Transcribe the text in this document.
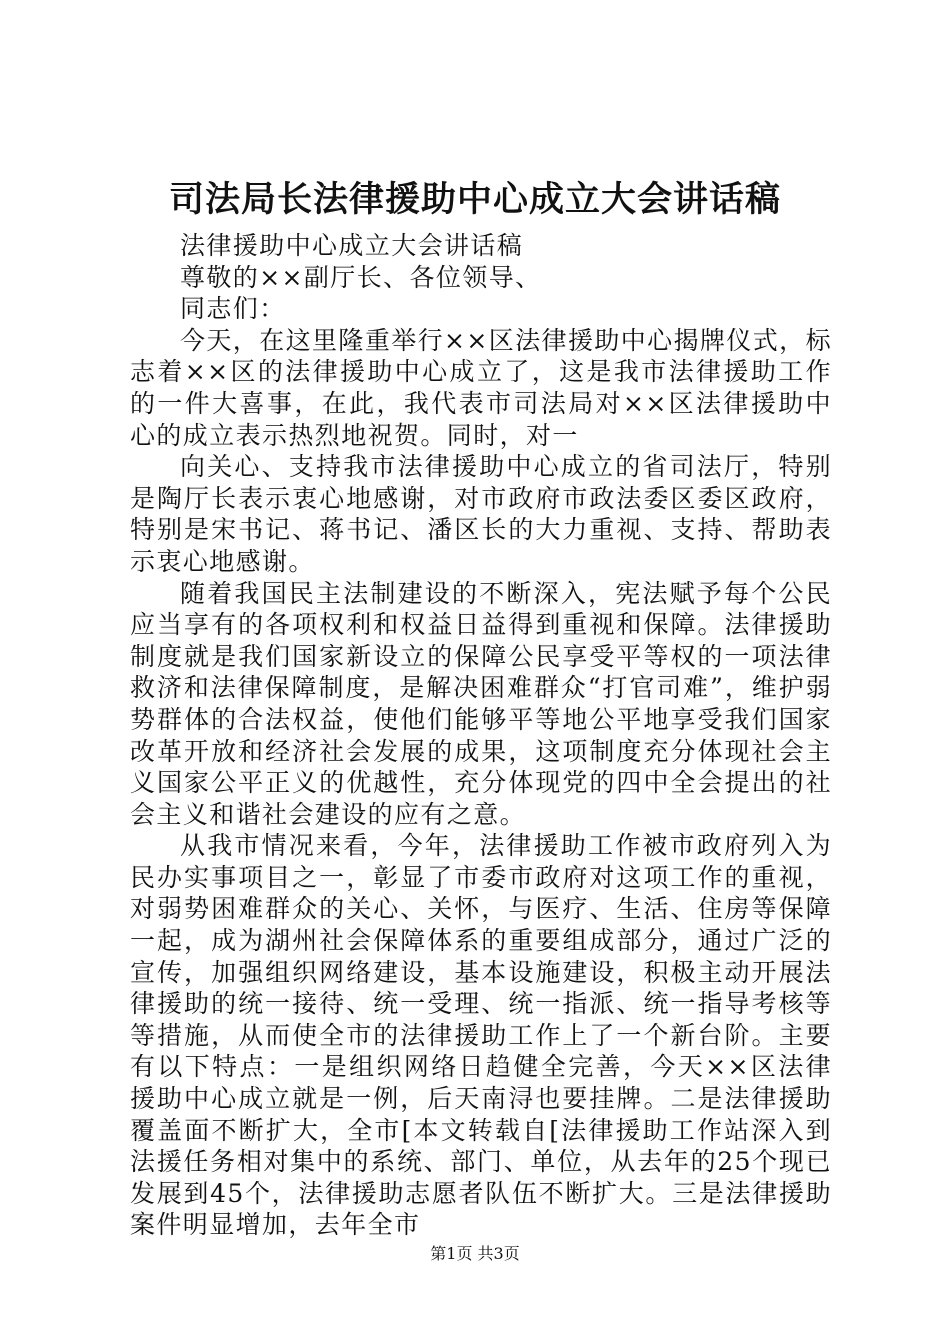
司法局长法律援助中心成立大会讲话稿

法律援助中心成立大会讲话稿

尊敬的××副厅长、各位领导、

同志们：

今天，在这里隆重举行××区法律援助中心揭牌仪式，标志着××区的法律援助中心成立了，这是我市法律援助工作的一件大喜事，在此，我代表市司法局对××区法律援助中心的成立表示热烈地祝贺。同时，对一

向关心、支持我市法律援助中心成立的省司法厅，特别是陶厅长表示衷心地感谢，对市政府市政法委区委区政府，特别是宋书记、蒋书记、潘区长的大力重视、支持、帮助表示衷心地感谢。

随着我国民主法制建设的不断深入，宪法赋予每个公民应当享有的各项权利和权益日益得到重视和保障。法律援助制度就是我们国家新设立的保障公民享受平等权的一项法律救济和法律保障制度，是解决困难群众“打官司难”，维护弱势群体的合法权益，使他们能够平等地公平地享受我们国家改革开放和经济社会发展的成果，这项制度充分体现社会主义国家公平正义的优越性，充分体现党的四中全会提出的社会主义和谐社会建设的应有之意。

从我市情况来看，今年，法律援助工作被市政府列入为民办实事项目之一，彰显了市委市政府对这项工作的重视，对弱势困难群众的关心、关怀，与医疗、生活、住房等保障一起，成为湖州社会保障体系的重要组成部分，通过广泛的宣传，加强组织网络建设，基本设施建设，积极主动开展法律援助的统一接待、统一受理、统一指派、统一指导考核等等措施，从而使全市的法律援助工作上了一个新台阶。主要有以下特点：一是组织网络日趋健全完善，今天××区法律援助中心成立就是一例，后天南浔也要挂牌。二是法律援助覆盖面不断扩大，全市[本文转载自[法律援助工作站深入到法援任务相对集中的系统、部门、单位，从去年的25个现已发展到45个，法律援助志愿者队伍不断扩大。三是法律援助案件明显增加，去年全市

第1页 共3页
